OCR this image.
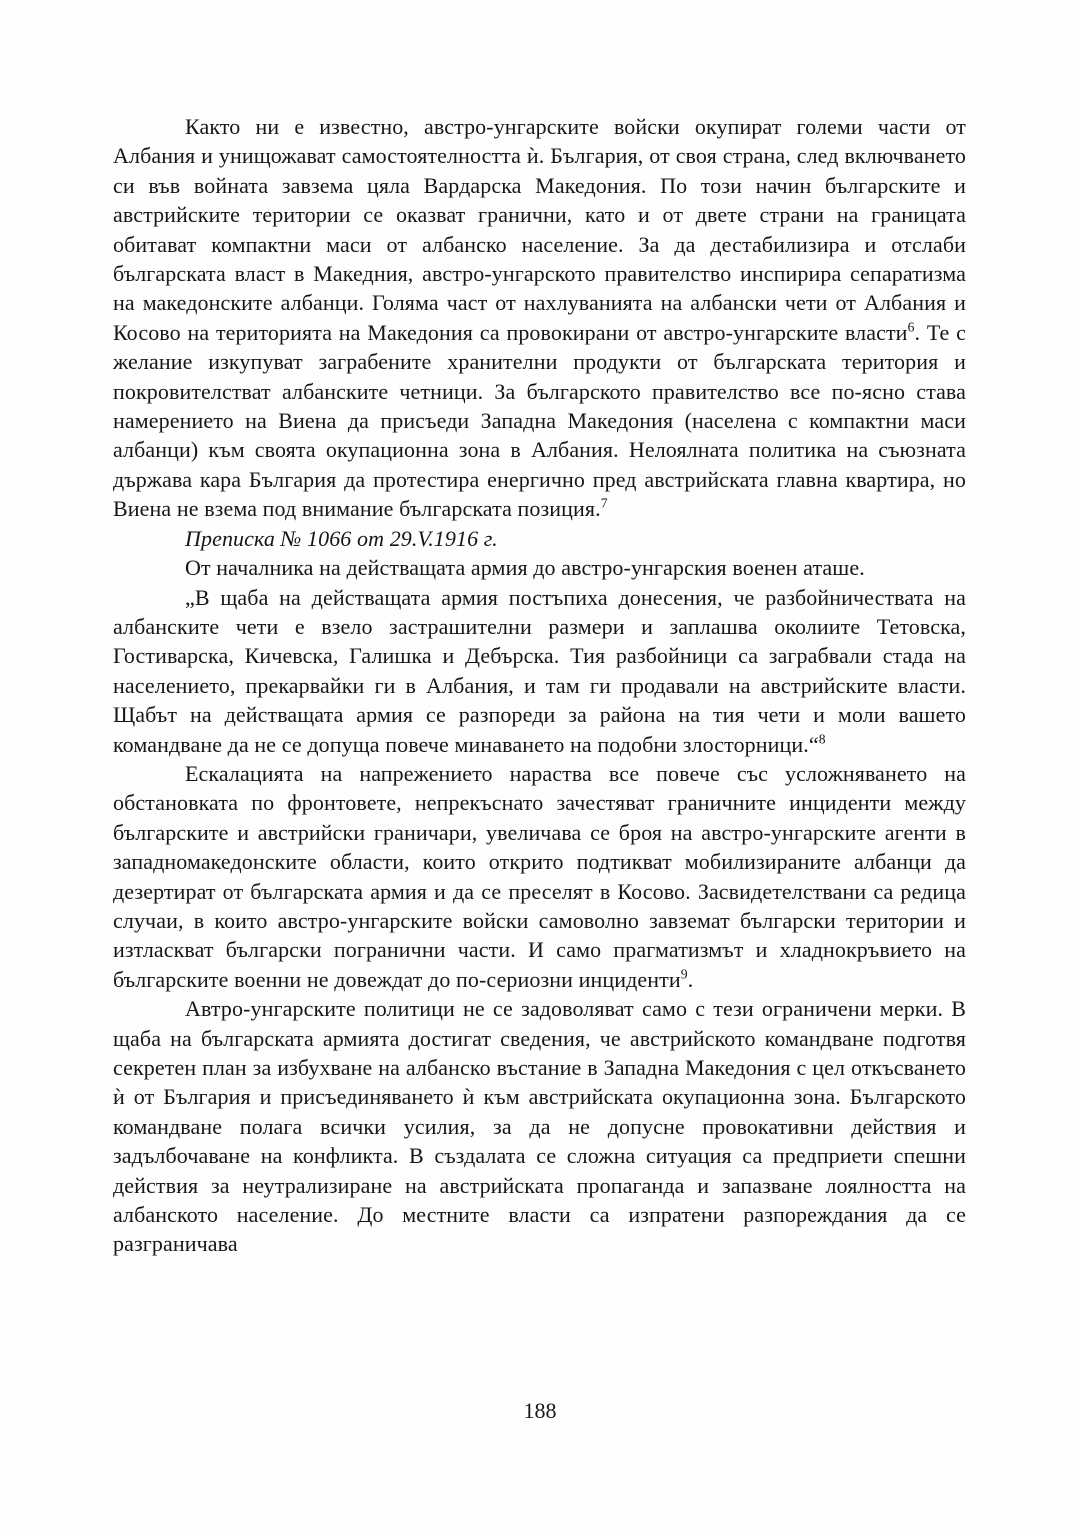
Както ни е известно, австро-унгарските войски окупират големи части от Албания и унищожават самостоятелността ѝ. България, от своя страна, след включването си във войната завзема цяла Вардарска Македония. По този начин българските и австрийските територии се оказват гранични, като и от двете страни на границата обитават компактни маси от албанско население. За да дестабилизира и отслаби българската власт в Македния, австро-унгарското правителство инспирира сепаратизма на македонските албанци. Голяма част от нахлуванията на албански чети от Албания и Косово на територията на Македония са провокирани от австро-унгарските власти$^6$. Те с желание изкупуват заграбените хранителни продукти от българската територия и покровителстват албанските четници. За българското правителство все по-ясно става намерението на Виена да присъеди Западна Македония (населена с компактни маси албанци) към своята окупационна зона в Албания. Нелоялната политика на съюзната държава кара България да протестира енергично пред австрийската главна квартира, но Виена не взема под внимание българската позиция.$^7$

Преписка № 1066 от 29.V.1916 г.

От началника на действащата армия до австро-унгарския военен аташе.

„В щаба на действащата армия постъпиха донесения, че разбойничествата на албанските чети е взело застрашителни размери и заплашва околиите Тетовска, Гостиварска, Кичевска, Галишка и Дебърска. Тия разбойници са заграбвали стада на населението, прекарвайки ги в Албания, и там ги продавали на австрийските власти. Щабът на действащата армия се разпореди за района на тия чети и моли вашето командване да не се допуща повече минаването на подобни злосторници.“$^8$

Ескалацията на напрежението нараства все повече със усложняването на обстановката по фронтовете, непрекъснато зачестяват граничните инциденти между българските и австрийски граничари, увеличава се броя на австро-унгарските агенти в западномакедонските области, които открито подтикват мобилизираните албанци да дезертират от българската армия и да се преселят в Косово. Засвидетелствани са редица случаи, в които австро-унгарските войски самоволно завземат български територии и изтласкват български погранични части. И само прагматизмът и хладнокръвието на българските военни не довеждат до по-сериозни инциденти$^9$.

Автро-унгарските политици не се задоволяват само с тези ограничени мерки. В щаба на българската армията достигат сведения, че австрийското командване подготвя секретен план за избухване на албанско въстание в Западна Македония с цел откъсването ѝ от България и присъединяването ѝ към австрийската окупационна зона. Българското командване полага всички усилия, за да не допусне провокативни действия и задълбочаване на конфликта. В създалата се сложна ситуация са предприети спешни действия за неутрализиране на австрийската пропаганда и запазване лоялността на албанското население. До местните власти са изпратени разпореждания да се разграничава

188
